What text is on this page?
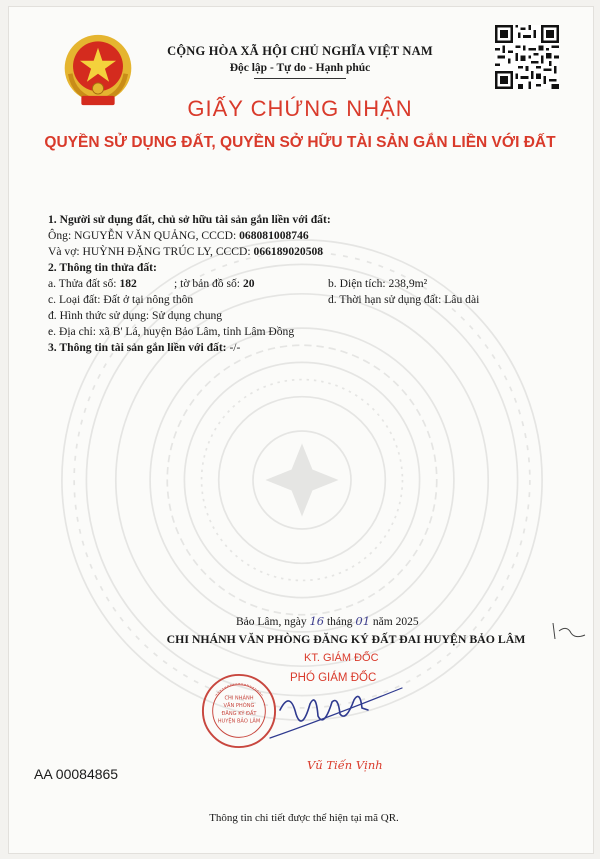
CỘNG HÒA XÃ HỘI CHỦ NGHĨA VIỆT NAM
Độc lập - Tự do - Hạnh phúc
GIẤY CHỨNG NHẬN
QUYỀN SỬ DỤNG ĐẤT, QUYỀN SỞ HỮU TÀI SẢN GẮN LIỀN VỚI ĐẤT
1. Người sử dụng đất, chủ sở hữu tài sản gắn liền với đất:
Ông: NGUYỄN VĂN QUẢNG, CCCD: 068081008746
Và vợ: HUỲNH ĐẶNG TRÚC LY, CCCD: 066189020508
2. Thông tin thửa đất:
a. Thửa đất số: 182	; tờ bản đồ số: 20	b. Diện tích: 238,9m²
c. Loại đất: Đất ở tại nông thôn	d. Thời hạn sử dụng đất: Lâu dài
đ. Hình thức sử dụng: Sử dụng chung
e. Địa chỉ: xã B' Lá, huyện Bảo Lâm, tỉnh Lâm Đồng
3. Thông tin tài sản gắn liền với đất: -/-
Bảo Lâm, ngày 16 tháng 01 năm 2025
CHI NHÁNH VĂN PHÒNG ĐĂNG KÝ ĐẤT ĐAI HUYỆN BẢO LÂM
KT. GIÁM ĐỐC
PHÓ GIÁM ĐỐC
CHI NHÁNH
VĂN PHÒNG
ĐĂNG KÝ ĐẤT
HUYỆN BẢO LÂM
Vũ Tiến Vịnh
AA 00084865
Thông tin chi tiết được thể hiện tại mã QR.
